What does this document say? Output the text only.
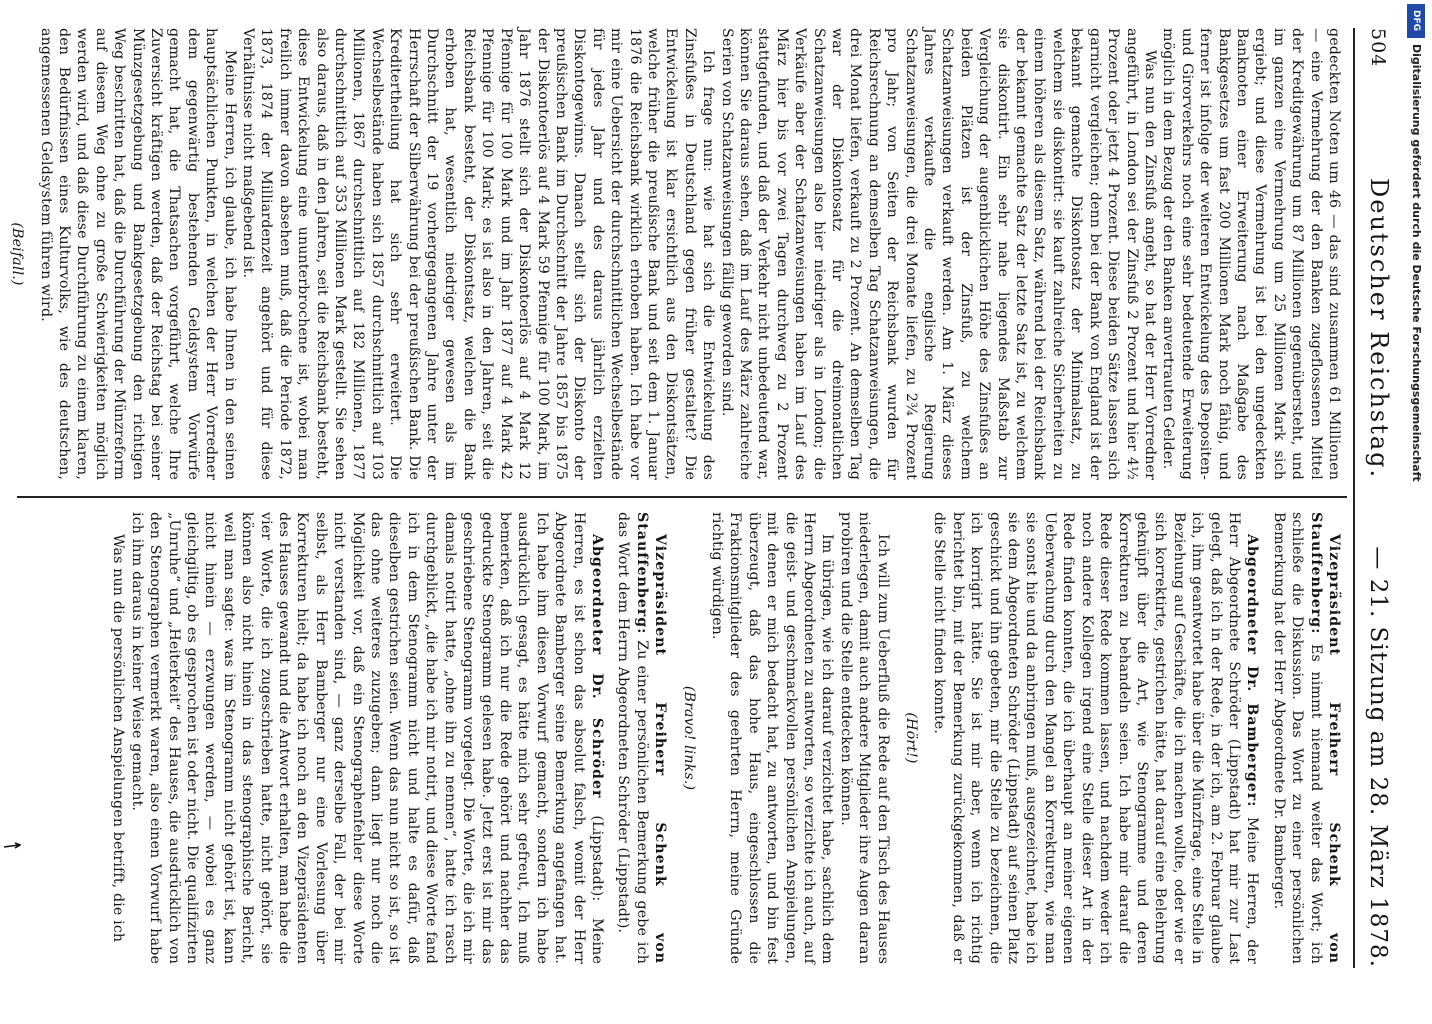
504
Deutscher Reichstag.
— 21. Sitzung am 28. März 1878.

gedeckten Noten um 46 — das sind zusammen 61 Millionen — eine Vermehrung der den Banken zugeflossenen Mittel der Kreditgewährung um 87 Millionen gegenübersteht, und im ganzen eine Vermehrung um 25 Millionen Mark sich ergiebt; und diese Vermehrung ist bei den ungedeckten Banknoten einer Erweiterung nach Maßgabe des Bankgesetzes um fast 200 Millionen Mark noch fähig, und ferner ist infolge der weiteren Entwickelung des Depositen- und Girorverkehrs noch eine sehr bedeutende Erweiterung möglich in dem Bezug der den Banken anvertrauten Gelder.

Was nun den Zinsfuß angeht, so hat der Herr Vorredner angeführt, in London sei der Zinsfuß 2 Prozent und hier 4½ Prozent oder jetzt 4 Prozent. Diese beiden Sätze lassen sich garnicht vergleichen; denn bei der Bank von England ist der bekannt gemachte Diskontosatz der Minimalsatz, zu welchem sie diskontirt: sie kauft zahlreiche Sicherheiten zu einem höheren als diesem Satz, während bei der Reichsbank der bekannt gemachte Satz der letzte Satz ist, zu welchem sie diskontirt. Ein sehr nahe liegendes Maßstab zur Vergleichung der augenblicklichen Höhe des Zinsfußes an beiden Plätzen ist der Zinsfuß, zu welchem Schatzanweisungen verkauft werden. Am 1. März dieses Jahres verkaufte die englische Regierung Schatzanweisungen, die drei Monate liefen, zu 2¾ Prozent pro Jahr; von Seiten der Reichsbank wurden für Reichsrechnung an demselben Tag Schatzanweisungen, die drei Monat liefen, verkauft zu 2 Prozent. An demselben Tag war der Diskontosatz für die dreimonatlichen Schatzanweisungen also hier niedriger als in London; die Verkäufe aber der Schatzanweisungen haben im Lauf des März hier bis vor zwei Tagen durchweg zu 2 Prozent stattgefunden, und daß der Verkehr nicht unbedeutend war, können Sie daraus sehen, daß im Lauf des März zahlreiche Serien von Schatzanweisungen fällig geworden sind.

Ich frage nun: wie hat sich die Entwickelung des Zinsfußes in Deutschland gegen früher gestaltet? Die Entwickelung ist klar ersichtlich aus den Diskontsätzen, welche früher die preußische Bank und seit dem 1. Januar 1876 die Reichsbank wirklich erhoben haben. Ich habe vor mir eine Uebersicht der durchschnittlichen Wechselbestände für jedes Jahr und des daraus jährlich erzielten Diskontogewinns. Danach stellt sich der Diskonto der preußischen Bank im Durchschnitt der Jahre 1857 bis 1875 der Diskontoerlös auf 4 Mark 59 Pfennige für 100 Mark, im Jahr 1876 stellt sich der Diskontoerlös auf 4 Mark 12 Pfennige für 100 Mark und im Jahr 1877 auf 4 Mark 42 Pfennige für 100 Mark; es ist also in den Jahren, seit die Reichsbank besteht, der Diskontsatz, welchen die Bank erhoben hat, wesentlich niedriger gewesen als im Durchschnitt der 19 vorhergegangenen Jahre unter der Herrschaft der Silberwährung bei der preußischen Bank. Die Kreditertheilung hat sich sehr erweitert. Die Wechselbestände haben sich 1857 durchschnittlich auf 103 Millionen, 1867 durchschnittlich auf 182 Millionen, 1877 durchschnittlich auf 353 Millionen Mark gestellt. Sie sehen also daraus, daß in den Jahren, seit die Reichsbank besteht, diese Entwickelung eine ununterbrochene ist, wobei man freilich immer davon absehen muß, daß die Periode 1872, 1873, 1874 der Milliardenzeit angehört und für diese Verhältnisse nicht maßgebend ist.

Meine Herren, ich glaube, ich habe Ihnen in den seinen hauptsächlichen Punkten, in welchen der Herr Vorredner dem gegenwärtig bestehenden Geldsystem Vorwürfe gemacht hat, die Thatsachen vorgeführt, welche Ihre Zuversicht kräftigen werden, daß der Reichstag bei seiner Münzgesetzgebung und Bankgesetzgebung den richtigen Weg beschritten hat, daß die Durchführung der Münzreform auf diesem Weg ohne zu große Schwierigkeiten möglich werden wird, und daß diese Durchführung zu einem klaren, den Bedürfnissen eines Kulturvolks, wie des deutschen, angemessenen Geldsystem führen wird.

(Beifall.)

Vizepräsident Freiherr Schenk von Stauffenberg: Es nimmt niemand weiter das Wort; ich schließe die Diskussion. Das Wort zu einer persönlichen Bemerkung hat der Herr Abgeordnete Dr. Bamberger.

Abgeordneter Dr. Bamberger: Meine Herren, der Herr Abgeordnete Schröder (Lippstadt) hat mir zur Last gelegt, daß ich in der Rede, in der ich, am 2. Februar glaube ich, ihm geantwortet habe über die Münzfrage, eine Stelle in Beziehung auf Geschäfte, die ich machen wollte, oder wie er sich korrektirte, gestrichen hätte, hat darauf eine Belehrung geknüpft über die Art, wie Stenogramme und deren Korrekturen zu behandeln seien. Ich habe mir darauf die Rede dieser Rede kommen lassen, und nachdem weder ich noch andere Kollegen irgend eine Stelle dieser Art in der Rede finden konnten, die ich überhaupt an meiner eigenen Ueberwachung durch den Mangel an Korrekturen, wie man sie sonst hie und da anbringen muß, ausgezeichnet, habe ich sie dem Abgeordneten Schröder (Lippstadt) auf seinen Platz geschickt und ihn gebeten, mir die Stelle zu bezeichnen, die ich korrigirt hätte. Sie ist mir aber, wenn ich richtig berichtet bin, mit der Bemerkung zurückgekommen, daß er die Stelle nicht finden konnte.

(Hört!)

Ich will zum Ueberfluß die Rede auf den Tisch des Hauses niederlegen, damit auch andere Mitglieder ihre Augen daran probiren und die Stelle entdecken können.

Im übrigen, wie ich darauf verzichtet habe, sachlich dem Herrn Abgeordneten zu antworten, so verzichte ich auch, auf die geist- und geschmackvollen persönlichen Anspielungen, mit denen er mich bedacht hat, zu antworten, und bin fest überzeugt, daß das hohe Haus, eingeschlossen die Fraktionsmitglieder des geehrten Herrn, meine Gründe richtig würdigen.

(Bravo! links.)

Vizepräsident Freiherr Schenk von Stauffenberg: Zu einer persönlichen Bemerkung gebe ich das Wort dem Herrn Abgeordneten Schröder (Lippstadt).

Abgeordneter Dr. Schröder (Lippstadt): Meine Herren, es ist schon das absolut falsch, womit der Herr Abgeordnete Bamberger seine Bemerkung angefangen hat. Ich habe ihm diesen Vorwurf gemacht, sondern ich habe ausdrücklich gesagt, es hätte mich sehr gefreut, Ich muß bemerken, daß ich nur die Rede gehört und nachher das gedruckte Stenogramm gelesen habe. Jetzt erst ist mir das geschriebene Stenogramm vorgelegt. Die Worte, die ich mir damals notirt hatte, „ohne ihn zu nennen“, hatte ich rasch durchgeblickt, „die habe ich mir notirt, und diese Worte fand ich in dem Stenogramm nicht und halte es dafür, daß dieselben gestrichen seien. Wenn das nun nicht so ist, so ist das ohne weiteres zuzugeben; dann liegt nur noch die Möglichkeit vor, daß ein Stenographenfehler diese Worte nicht verstanden sind, — ganz derselbe Fall, der bei mir selbst, als Herr Bamberger nur eine Vorlesung über Korrekturen hielt; da habe ich noch an den Vizepräsidenten des Hauses gewandt und die Antwort erhalten, man habe die vier Worte, die ich zugeschrieben hatte, nicht gehört, sie können also nicht hinein in das stenographische Bericht, weil man sagte: was im Stenogramm nicht gehört ist, kann nicht hinein — erzwungen werden, — wobei es ganz gleichgiltig, ob es gesprochen ist oder nicht. Die qualifizirten „Unruhe“ und „Heiterkeit“ des Hauses, die ausdrücklich von den Stenographen vermerkt waren, also einen Vorwurf habe ich ihm daraus in keiner Weise gemacht.

Was nun die persönlichen Anspielungen betrifft, die ich

DFG
Digitalisierung gefördert durch die Deutsche Forschungsgemeinschaft
